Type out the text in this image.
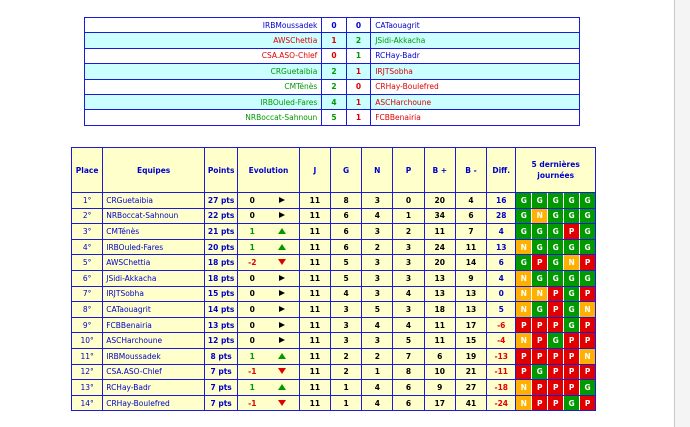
IRBMoussadek	0	0	CATaouagrit
AWSChettia	1	2	JSidi-Akkacha
CSA.ASO-Chlef	0	1	RCHay-Badr
CRGuetaibia	2	1	IRJTSobha
CMTénès	2	0	CRHay-Boulefred
IRBOuled-Fares	4	1	ASCHarchoune
NRBoccat-Sahnoun	5	1	FCBBenairia
Place	Equipes	Points	Evolution	J	G	N	P	B +	B -	Diff.	5 dernières journées
1°	CRGuetaibia	27 pts	0	11	8	3	0	20	4	16	G G G G G

2°	NRBoccat-Sahnoun	22 pts	0	11	6	4	1	34	6	28	G N G G G

3°	CMTénès	21 pts	1	11	6	3	2	11	7	4	G G G P G

4°	IRBOuled-Fares	20 pts	1	11	6	2	3	24	11	13	N G G G G

5°	AWSChettia	18 pts	-2	11	5	3	3	20	14	6	G P G N P

6°	JSidi-Akkacha	18 pts	0	11	5	3	3	13	9	4	N G G G G

7°	IRJTSobha	15 pts	0	11	4	3	4	13	13	0	N N P G P

8°	CATaouagrit	14 pts	0	11	3	5	3	18	13	5	N G P G N

9°	FCBBenairia	13 pts	0	11	3	4	4	11	17	-6	P P P G P

10°	ASCHarchoune	12 pts	0	11	3	3	5	11	15	-4	N P G P P

11°	IRBMoussadek	8 pts	1	11	2	2	7	6	19	-13	P P P P N

12°	CSA.ASO-Chlef	7 pts	-1	11	2	1	8	10	21	-11	P G P P P

13°	RCHay-Badr	7 pts	1	11	1	4	6	9	27	-18	N P P P G

14°	CRHay-Boulefred	7 pts	-1	11	1	4	6	17	41	-24	N P P G P
